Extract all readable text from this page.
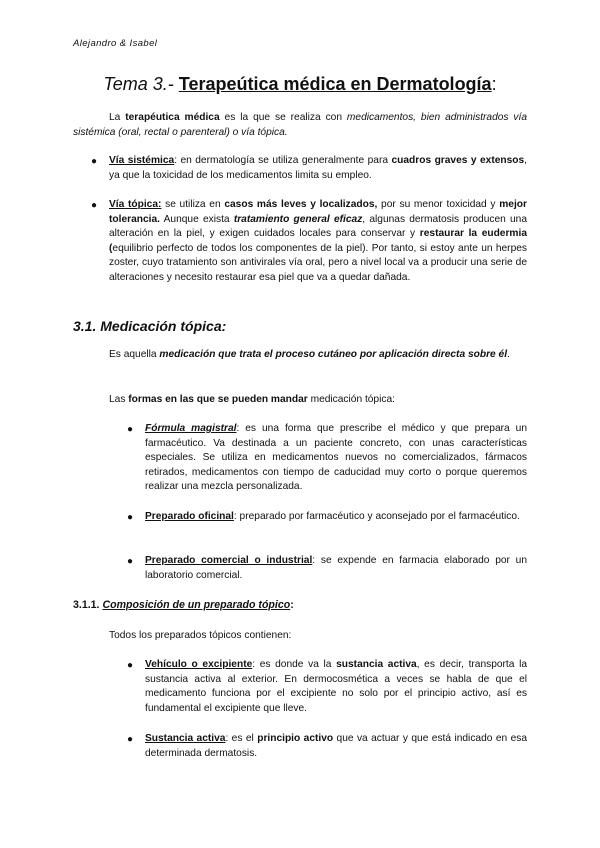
Alejandro & Isabel
Tema 3.- Terapeútica médica en Dermatología:
La terapéutica médica es la que se realiza con medicamentos, bien administrados vía sistémica (oral, rectal o parenteral) o vía tópica.
● Vía sistémica: en dermatología se utiliza generalmente para cuadros graves y extensos, ya que la toxicidad de los medicamentos limita su empleo.
● Vía tópica: se utiliza en casos más leves y localizados, por su menor toxicidad y mejor tolerancia. Aunque exista tratamiento general eficaz, algunas dermatosis producen una alteración en la piel, y exigen cuidados locales para conservar y restaurar la eudermia (equilibrio perfecto de todos los componentes de la piel). Por tanto, si estoy ante un herpes zoster, cuyo tratamiento son antivirales vía oral, pero a nivel local va a producir una serie de alteraciones y necesito restaurar esa piel que va a quedar dañada.
3.1. Medicación tópica:
Es aquella medicación que trata el proceso cutáneo por aplicación directa sobre él.
Las formas en las que se pueden mandar medicación tópica:
● Fórmula magistral: es una forma que prescribe el médico y que prepara un farmacéutico. Va destinada a un paciente concreto, con unas características especiales. Se utiliza en medicamentos nuevos no comercializados, fármacos retirados, medicamentos con tiempo de caducidad muy corto o porque queremos realizar una mezcla personalizada.
● Preparado oficinal: preparado por farmacéutico y aconsejado por el farmacéutico.
● Preparado comercial o industrial: se expende en farmacia elaborado por un laboratorio comercial.
3.1.1. Composición de un preparado tópico:
Todos los preparados tópicos contienen:
● Vehículo o excipiente: es donde va la sustancia activa, es decir, transporta la sustancia activa al exterior. En dermocosmética a veces se habla de que el medicamento funciona por el excipiente no solo por el principio activo, así es fundamental el excipiente que lleve.
● Sustancia activa: es el principio activo que va actuar y que está indicado en esa determinada dermatosis.
